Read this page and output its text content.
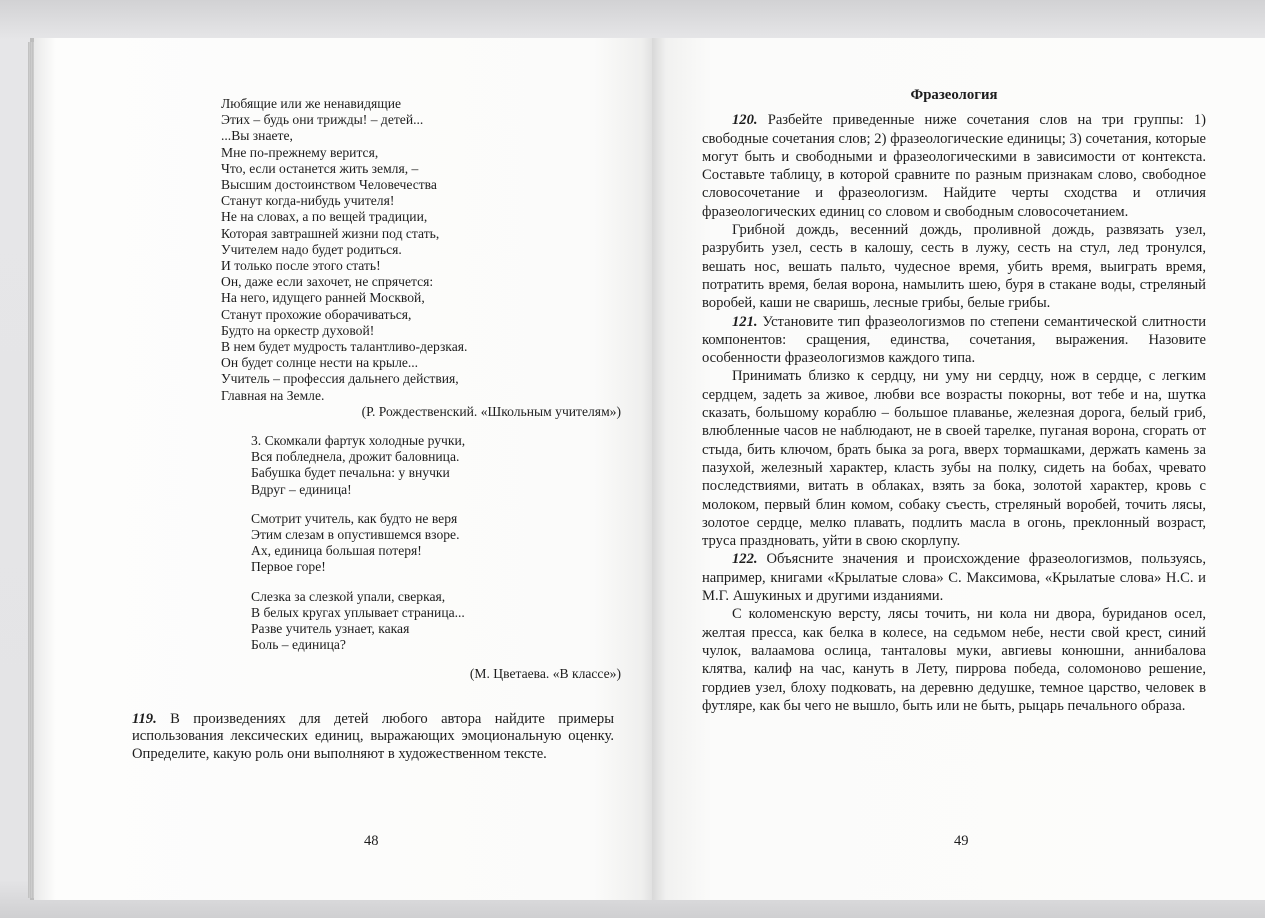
Любящие или же ненавидящие
Этих – будь они трижды! – детей...
...Вы знаете,
Мне по-прежнему верится,
Что, если останется жить земля, –
Высшим достоинством Человечества
Станут когда-нибудь учителя!
Не на словах, а по вещей традиции,
Которая завтрашней жизни под стать,
Учителем надо будет родиться.
И только после этого стать!
Он, даже если захочет, не спрячется:
На него, идущего ранней Москвой,
Станут прохожие оборачиваться,
Будто на оркестр духовой!
В нем будет мудрость талантливо-дерзкая.
Он будет солнце нести на крыле...
Учитель – профессия дальнего действия,
Главная на Земле.
(Р. Рождественский. «Школьным учителям»)
3. Скомкали фартук холодные ручки,
Вся побледнела, дрожит баловница.
Бабушка будет печальна: у внучки
Вдруг – единица!
Смотрит учитель, как будто не веря
Этим слезам в опустившемся взоре.
Ах, единица большая потеря!
Первое горе!
Слезка за слезкой упали, сверкая,
В белых кругах уплывает страница...
Разве учитель узнает, какая
Боль – единица?
(М. Цветаева. «В классе»)
119. В произведениях для детей любого автора найдите примеры использования лексических единиц, выражающих эмоциональную оценку. Определите, какую роль они выполняют в художественном тексте.
48
Фразеология

120. Разбейте приведенные ниже сочетания слов на три группы: 1) свободные сочетания слов; 2) фразеологические единицы; 3) сочетания, которые могут быть и свободными и фразеологическими в зависимости от контекста. Составьте таблицу, в которой сравните по разным признакам слово, свободное словосочетание и фразеологизм. Найдите черты сходства и отличия фразеологических единиц со словом и свободным словосочетанием.

Грибной дождь, весенний дождь, проливной дождь, развязать узел, разрубить узел, сесть в калошу, сесть в лужу, сесть на стул, лед тронулся, вешать нос, вешать пальто, чудесное время, убить время, выиграть время, потратить время, белая ворона, намылить шею, буря в стакане воды, стреляный воробей, каши не сваришь, лесные грибы, белые грибы.

121. Установите тип фразеологизмов по степени семантической слитности компонентов: сращения, единства, сочетания, выражения. Назовите особенности фразеологизмов каждого типа.

Принимать близко к сердцу, ни уму ни сердцу, нож в сердце, с легким сердцем, задеть за живое, любви все возрасты покорны, вот тебе и на, шутка сказать, большому кораблю – большое плаванье, железная дорога, белый гриб, влюбленные часов не наблюдают, не в своей тарелке, пуганая ворона, сгорать от стыда, бить ключом, брать быка за рога, вверх тормашками, держать камень за пазухой, железный характер, класть зубы на полку, сидеть на бобах, чревато последствиями, витать в облаках, взять за бока, золотой характер, кровь с молоком, первый блин комом, собаку съесть, стреляный воробей, точить лясы, золотое сердце, мелко плавать, подлить масла в огонь, преклонный возраст, труса праздновать, уйти в свою скорлупу.

122. Объясните значения и происхождение фразеологизмов, пользуясь, например, книгами «Крылатые слова» С. Максимова, «Крылатые слова» Н.С. и М.Г. Ашукиных и другими изданиями.

С коломенскую версту, лясы точить, ни кола ни двора, буриданов осел, желтая пресса, как белка в колесе, на седьмом небе, нести свой крест, синий чулок, валаамова ослица, танталовы муки, авгиевы конюшни, аннибалова клятва, калиф на час, кануть в Лету, пиррова победа, соломоново решение, гордиев узел, блоху подковать, на деревню дедушке, темное царство, человек в футляре, как бы чего не вышло, быть или не быть, рыцарь печального образа.

49
